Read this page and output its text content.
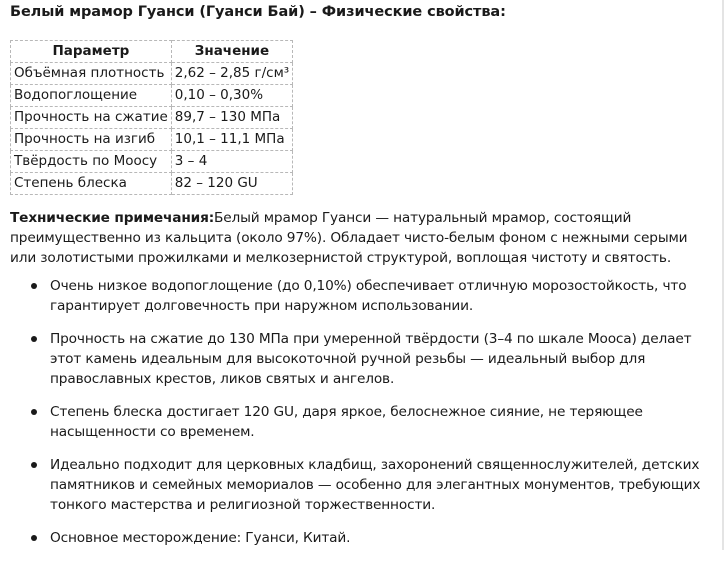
Белый мрамор Гуанси (Гуанси Бай) – Физические свойства:
Параметр	Значение
Объёмная плотность	2,62 – 2,85 г/см³
Водопоглощение	0,10 – 0,30%
Прочность на сжатие	89,7 – 130 МПа
Прочность на изгиб	10,1 – 11,1 МПа
Твёрдость по Моосу	3 – 4
Степень блеска	82 – 120 GU
Технические примечания:Белый мрамор Гуанси — натуральный мрамор, состоящий преимущественно из кальцита (около 97%). Обладает чисто-белым фоном с нежными серыми или золотистыми прожилками и мелкозернистой структурой, воплощая чистоту и святость.
Очень низкое водопоглощение (до 0,10%) обеспечивает отличную морозостойкость, что гарантирует долговечность при наружном использовании.
Прочность на сжатие до 130 МПа при умеренной твёрдости (3–4 по шкале Мооса) делает этот камень идеальным для высокоточной ручной резьбы — идеальный выбор для православных крестов, ликов святых и ангелов.
Степень блеска достигает 120 GU, даря яркое, белоснежное сияние, не теряющее насыщенности со временем.
Идеально подходит для церковных кладбищ, захоронений священнослужителей, детских памятников и семейных мемориалов — особенно для элегантных монументов, требующих тонкого мастерства и религиозной торжественности.
Основное месторождение: Гуанси, Китай.
